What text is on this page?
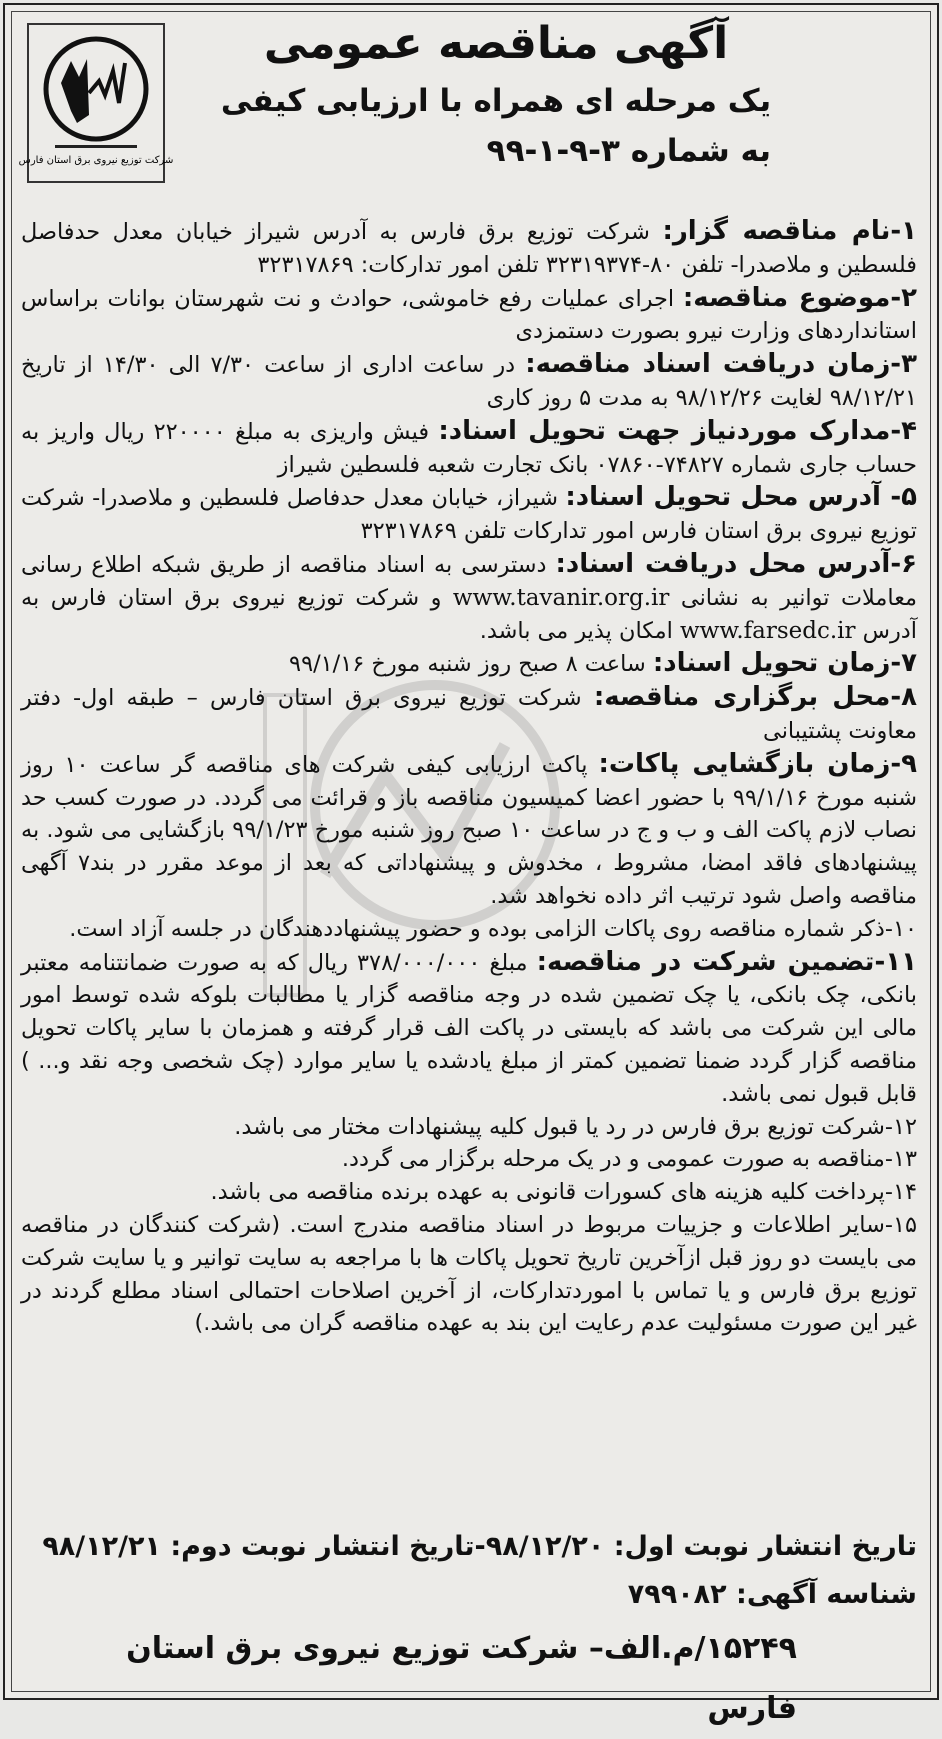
شرکت توزیع نیروی برق استان فارس
آگهی مناقصه عمومی
یک مرحله ای همراه با ارزیابی کیفی
به شماره ۳-۹-۱-۹۹

۱-نام مناقصه گزار: شرکت توزیع برق فارس به آدرس شیراز خیابان معدل حدفاصل فلسطین و ملاصدرا- تلفن ۸۰-۳۲۳۱۹۳۷۴ تلفن امور تدارکات: ۳۲۳۱۷۸۶۹

۲-موضوع مناقصه: اجرای عملیات رفع خاموشی، حوادث و نت شهرستان بوانات براساس استانداردهای وزارت نیرو بصورت دستمزدی

۳-زمان دریافت اسناد مناقصه: در ساعت اداری از ساعت ۷/۳۰ الی ۱۴/۳۰ از تاریخ ۹۸/۱۲/۲۱ لغایت ۹۸/۱۲/۲۶ به مدت ۵ روز کاری

۴-مدارک موردنیاز جهت تحویل اسناد: فیش واریزی به مبلغ ۲۲۰۰۰۰ ریال واریز به حساب جاری شماره ۷۴۸۲۷-۰۷۸۶۰ بانک تجارت شعبه فلسطین شیراز

۵- آدرس محل تحویل اسناد: شیراز، خیابان معدل حدفاصل فلسطین و ملاصدرا- شرکت توزیع نیروی برق استان فارس امور تدارکات تلفن ۳۲۳۱۷۸۶۹

۶-آدرس محل دریافت اسناد: دسترسی به اسناد مناقصه از طریق شبکه اطلاع رسانی معاملات توانیر به نشانی www.tavanir.org.ir و شرکت توزیع نیروی برق استان فارس به آدرس www.farsedc.ir امکان پذیر می باشد.

۷-زمان تحویل اسناد: ساعت ۸ صبح روز شنبه مورخ ۹۹/۱/۱۶

۸-محل برگزاری مناقصه: شرکت توزیع نیروی برق استان فارس – طبقه اول- دفتر معاونت پشتیبانی

۹-زمان بازگشایی پاکات: پاکت ارزیابی کیفی شرکت های مناقصه گر ساعت ۱۰ روز شنبه مورخ ۹۹/۱/۱۶ با حضور اعضا کمیسیون مناقصه باز و قرائت می گردد. در صورت کسب حد نصاب لازم پاکت الف و ب و ج در ساعت ۱۰ صبح روز شنبه مورخ ۹۹/۱/۲۳ بازگشایی می شود. به پیشنهادهای فاقد امضا، مشروط ، مخدوش و پیشنهاداتی که بعد از موعد مقرر در بند۷ آگهی مناقصه واصل شود ترتیب اثر داده نخواهد شد.

۱۰-ذکر شماره مناقصه روی پاکات الزامی بوده و حضور پیشنهاددهندگان در جلسه آزاد است.

۱۱-تضمین شرکت در مناقصه: مبلغ ۳۷۸/۰۰۰/۰۰۰ ریال که به صورت ضمانتنامه معتبر بانکی، چک بانکی، یا چک تضمین شده در وجه مناقصه گزار یا مطالبات بلوکه شده توسط امور مالی این شرکت می باشد که بایستی در پاکت الف قرار گرفته و همزمان با سایر پاکات تحویل مناقصه گزار گردد ضمنا تضمین کمتر از مبلغ یادشده یا سایر موارد (چک شخصی وجه نقد و... ) قابل قبول نمی باشد.

۱۲-شرکت توزیع برق فارس در رد یا قبول کلیه پیشنهادات مختار می باشد.

۱۳-مناقصه به صورت عمومی و در یک مرحله برگزار می گردد.

۱۴-پرداخت کلیه هزینه های کسورات قانونی به عهده برنده مناقصه می باشد.

۱۵-سایر اطلاعات و جزییات مربوط در اسناد مناقصه مندرج است. (شرکت کنندگان در مناقصه می بایست دو روز قبل ازآخرین تاریخ تحویل پاکات ها با مراجعه به سایت توانیر و یا سایت شرکت توزیع برق فارس و یا تماس با اموردتدارکات، از آخرین اصلاحات احتمالی اسناد مطلع گردند در غیر این صورت مسئولیت عدم رعایت این بند به عهده مناقصه گران می باشد.)

تاریخ انتشار نوبت اول: ۹۸/۱۲/۲۰-تاریخ انتشار نوبت دوم: ۹۸/۱۲/۲۱
شناسه آگهی: ۷۹۹۰۸۲
۱۵۲۴۹/م.الف– شرکت توزیع نیروی برق استان فارس
